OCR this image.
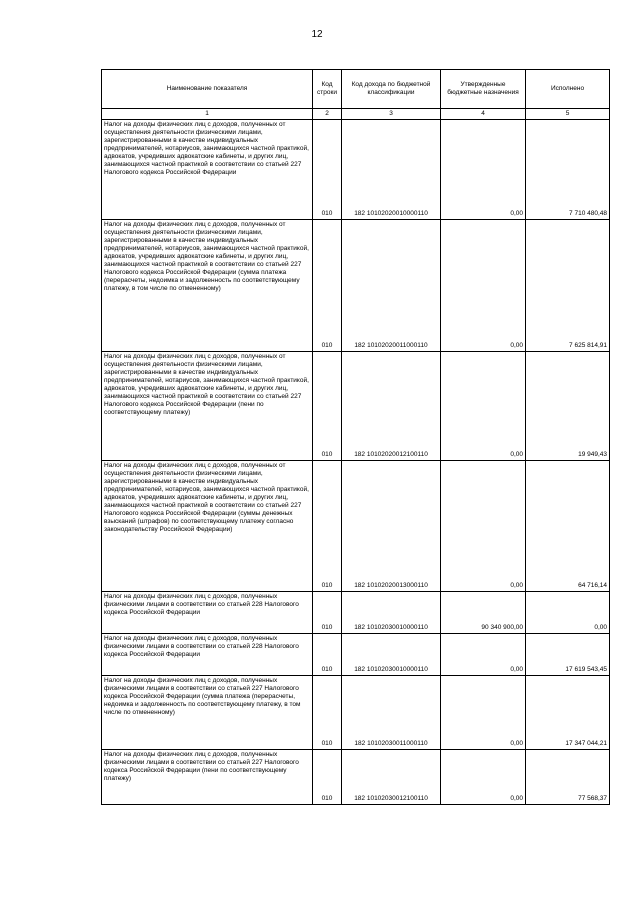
12
Наименование показателя	Код строки	Код дохода по бюджетной классификации	Утвержденные бюджетные назначения	Исполнено
1	2	3	4	5
Налог на доходы физических лиц с доходов, полученных от осуществления деятельности физическими лицами, зарегистрированными в качестве индивидуальных предпринимателей, нотариусов, занимающихся частной практикой, адвокатов, учредивших адвокатские кабинеты, и других лиц, занимающихся частной практикой в соответствии со статьей 227 Налогового кодекса Российской Федерации	010	182 10102020010000110	0,00	7 710 480,48
Налог на доходы физических лиц с доходов, полученных от осуществления деятельности физическими лицами, зарегистрированными в качестве индивидуальных предпринимателей, нотариусов, занимающихся частной практикой, адвокатов, учредивших адвокатские кабинеты, и других лиц, занимающихся частной практикой в соответствии со статьей 227 Налогового кодекса Российской Федерации (сумма платежа (перерасчеты, недоимка и задолженность по соответствующему платежу, в том числе по отмененному)	010	182 10102020011000110	0,00	7 625 814,91
Налог на доходы физических лиц с доходов, полученных от осуществления деятельности физическими лицами, зарегистрированными в качестве индивидуальных предпринимателей, нотариусов, занимающихся частной практикой, адвокатов, учредивших адвокатские кабинеты, и других лиц, занимающихся частной практикой в соответствии со статьей 227 Налогового кодекса Российской Федерации (пени по соответствующему платежу)	010	182 10102020012100110	0,00	19 949,43
Налог на доходы физических лиц с доходов, полученных от осуществления деятельности физическими лицами, зарегистрированными в качестве индивидуальных предпринимателей, нотариусов, занимающихся частной практикой, адвокатов, учредивших адвокатские кабинеты, и других лиц, занимающихся частной практикой в соответствии со статьей 227 Налогового кодекса Российской Федерации (суммы денежных взысканий (штрафов) по соответствующему платежу согласно законодательству Российской Федерации)	010	182 10102020013000110	0,00	64 716,14
Налог на доходы физических лиц с доходов, полученных физическими лицами в соответствии со статьей 228 Налогового кодекса Российской Федерации	010	182 10102030010000110	90 340 900,00	0,00
Налог на доходы физических лиц с доходов, полученных физическими лицами в соответствии со статьей 228 Налогового кодекса Российской Федерации	010	182 10102030010000110	0,00	17 619 543,45
Налог на доходы физических лиц с доходов, полученных физическими лицами в соответствии со статьей 227 Налогового кодекса Российской Федерации (сумма платежа (перерасчеты, недоимка и задолженность по соответствующему платежу, в том числе по отмененному)	010	182 10102030011000110	0,00	17 347 044,21
Налог на доходы физических лиц с доходов, полученных физическими лицами в соответствии со статьей 227 Налогового кодекса Российской Федерации (пени по соответствующему платежу)	010	182 10102030012100110	0,00	77 568,37
